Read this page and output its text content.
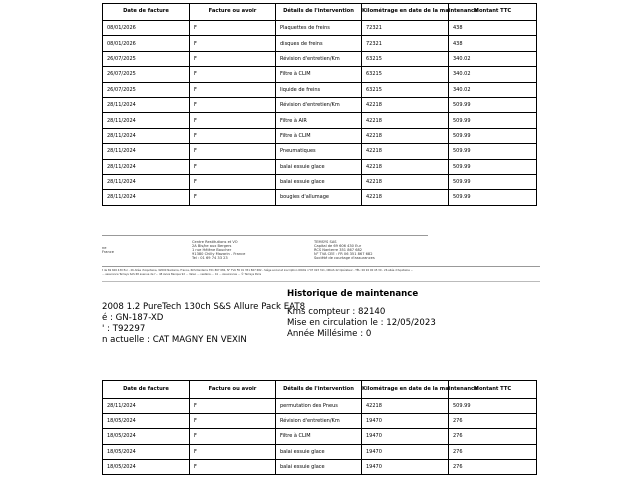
Date de facture	Facture ou avoir	Détails de l'intervention	Kilométrage en date de la maintenance	Montant TTC
08/01/2026	F	Plaquettes de freins	72321	438
08/01/2026	F	disques de freins	72321	438
26/07/2025	F	Révision d'entretien/Km	63215	340.02
26/07/2025	F	Filtre à CLIM	63215	340.02
26/07/2025	F	liquide de freins	63215	340.02
28/11/2024	F	Révision d'entretien/Km	42218	509.99
28/11/2024	F	Filtre à AIR	42218	509.99
28/11/2024	F	Filtre à CLIM	42218	509.99
28/11/2024	F	Pneumatiques	42218	509.99
28/11/2024	F	balai essuie glace	42218	509.99
28/11/2024	F	balai essuie glace	42218	509.99
28/11/2024	F	bougies d'allumage	42218	509.99
ne
France
Centre Restitutions et VO
2A Bis/ke aux Bergers
1 rue Hélène Boucher
91380 Chilly Mazarin - France
Tel : 01 69 74 33 23
TEMSYS SAS
Capital de 69 606 430 Eur
RCS Nanterre 351 867 682
N° TVA CEE : FR 06 351 867 682
Société de courtage d'assurances
t de 69 606 430 Eur - 26 Allée d'Aquitaine, 92000 Nanterre, France, RCS Nanterre 351 867 682, N° TVA FR 01 351 867 682 - Siège social et inscription ORIAS n°07 023 311, ORIAS 42 Opérateur - TÉL: 06 92 00 45 30 - 26 allée d'Aquitaine ...
... assurance Temsys SAS 68 avenue de l'... 48 Aviva Banque 92 ... Valeo ... vestaire ... 41 ... Assurances ... © Temsys Paris
2008 1.2 PureTech 130ch S&S Allure Pack EAT8
é : GN-187-XD
' : T92297
n actuelle : CAT MAGNY EN VEXIN
Historique de maintenance
Kms compteur : 82140
Mise en circulation le : 12/05/2023
Année Millésime : 0
Date de facture	Facture ou avoir	Détails de l'intervention	Kilométrage en date de la maintenance	Montant TTC
28/11/2024	F	permutation des Pneus	42218	509.99
18/05/2024	F	Révision d'entretien/Km	19470	276
18/05/2024	F	Filtre à CLIM	19470	276
18/05/2024	F	balai essuie glace	19470	276
18/05/2024	F	balai essuie glace	19470	276
